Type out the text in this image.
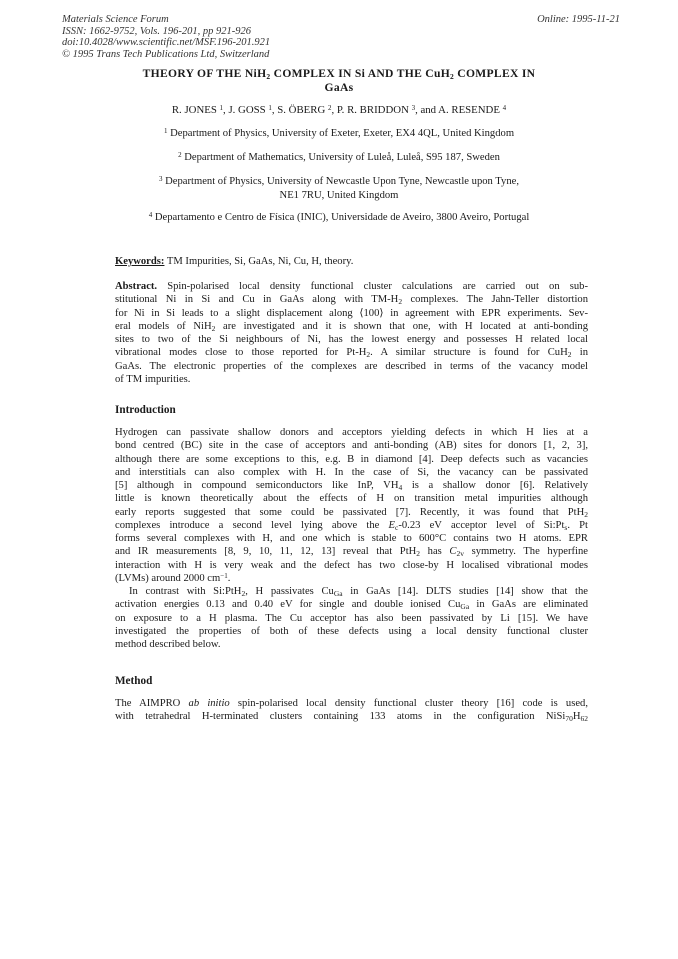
Materials Science Forum
ISSN: 1662-9752, Vols. 196-201, pp 921-926
doi:10.4028/www.scientific.net/MSF.196-201.921
© 1995 Trans Tech Publications Ltd, Switzerland
Online: 1995-11-21
THEORY OF THE NiH$_2$ COMPLEX IN Si AND THE CuH$_2$ COMPLEX IN
GaAs
R. JONES $^1$, J. GOSS $^1$, S. ÖBERG $^2$, P. R. BRIDDON $^3$, and A. RESENDE $^4$
$^1$ Department of Physics, University of Exeter, Exeter, EX4 4QL, United Kingdom
$^2$ Department of Mathematics, University of Luleå, Luleå, S95 187, Sweden
$^3$ Department of Physics, University of Newcastle Upon Tyne, Newcastle upon Tyne,
NE1 7RU, United Kingdom
$^4$ Departamento e Centro de Física (INIC), Universidade de Aveiro, 3800 Aveiro, Portugal
Keywords: TM Impurities, Si, GaAs, Ni, Cu, H, theory.
Abstract. Spin-polarised local density functional cluster calculations are carried out on sub-
stitutional Ni in Si and Cu in GaAs along with $TM-H_2$ complexes. The Jahn-Teller distortion
for Ni in Si leads to a slight displacement along ⟨100⟩ in agreement with EPR experiments. Sev-
eral models of NiH$_2$ are investigated and it is shown that one, with H located at anti-bonding
sites to two of the Si neighbours of Ni, has the lowest energy and possesses H related local
vibrational modes close to those reported for $Pt-H_2$. A similar structure is found for CuH$_2$ in
GaAs. The electronic properties of the complexes are described in terms of the vacancy model
of TM impurities.
Introduction
Hydrogen can passivate shallow donors and acceptors yielding defects in which H lies at a
bond centred (BC) site in the case of acceptors and anti-bonding (AB) sites for donors [1, 2, 3],
although there are some exceptions to this, e.g. B in diamond [4]. Deep defects such as vacancies
and interstitials can also complex with H. In the case of Si, the vacancy can be passivated
[5] although in compound semiconductors like InP, $VH_4$ is a shallow donor [6]. Relatively
little is known theoretically about the effects of H on transition metal impurities although
early reports suggested that some could be passivated [7]. Recently, it was found that PtH$_2$
complexes introduce a second level lying above the $E_c-0.23$ eV acceptor level of $Si:Pt_s$. Pt
forms several complexes with H, and one which is stable to 600°C contains two H atoms. EPR
and IR measurements [8, 9, 10, 11, 12, 13] reveal that PtH$_2$ has $C_{2v}$ symmetry. The hyperfine
interaction with H is very weak and the defect has two close-by H localised vibrational modes
(LVMs) around 2000 $cm^{-1}$.
In contrast with Si:PtH$_2$, H passivates $Cu_{Ga}$ in GaAs [14]. DLTS studies [14] show that the
activation energies 0.13 and 0.40 eV for single and double ionised $Cu_{Ga}$ in GaAs are eliminated
on exposure to a H plasma. The Cu acceptor has also been passivated by Li [15]. We have
investigated the properties of both of these defects using a local density functional cluster
method described below.
Method
The AIMPRO ab initio spin-polarised local density functional cluster theory [16] code is used,
with tetrahedral H-terminated clusters containing 133 atoms in the configuration $NiSi_{70}H_{62}$
